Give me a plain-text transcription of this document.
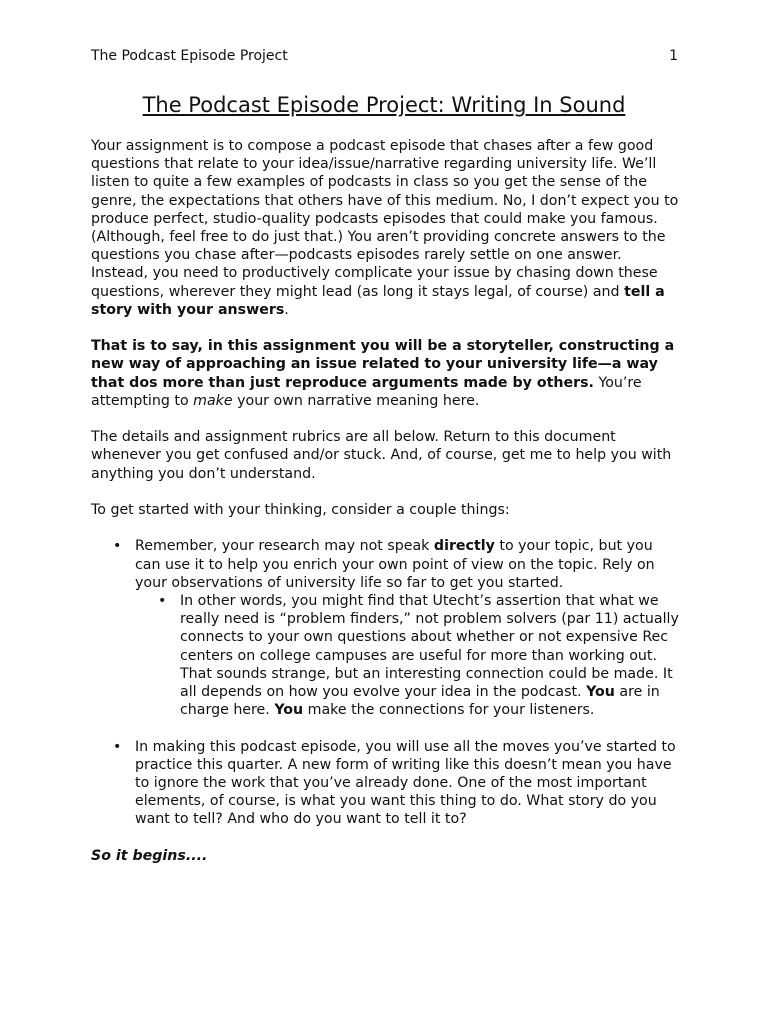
The Podcast Episode Project	1
The Podcast Episode Project: Writing In Sound

Your assignment is to compose a podcast episode that chases after a few good questions that relate to your idea/issue/narrative regarding university life. We’ll listen to quite a few examples of podcasts in class so you get the sense of the genre, the expectations that others have of this medium. No, I don’t expect you to produce perfect, studio-quality podcasts episodes that could make you famous. (Although, feel free to do just that.) You aren’t providing concrete answers to the questions you chase after—podcasts episodes rarely settle on one answer. Instead, you need to productively complicate your issue by chasing down these questions, wherever they might lead (as long it stays legal, of course) and tell a story with your answers.

That is to say, in this assignment you will be a storyteller, constructing a new way of approaching an issue related to your university life—a way that dos more than just reproduce arguments made by others. You’re attempting to make your own narrative meaning here.

The details and assignment rubrics are all below. Return to this document whenever you get confused and/or stuck. And, of course, get me to help you with anything you don’t understand.

To get started with your thinking, consider a couple things:

• Remember, your research may not speak directly to your topic, but you can use it to help you enrich your own point of view on the topic. Rely on your observations of university life so far to get you started.
• In other words, you might find that Utecht’s assertion that what we really need is “problem finders,” not problem solvers (par 11) actually connects to your own questions about whether or not expensive Rec centers on college campuses are useful for more than working out. That sounds strange, but an interesting connection could be made. It all depends on how you evolve your idea in the podcast. You are in charge here. You make the connections for your listeners.
• In making this podcast episode, you will use all the moves you’ve started to practice this quarter. A new form of writing like this doesn’t mean you have to ignore the work that you’ve already done. One of the most important elements, of course, is what you want this thing to do. What story do you want to tell? And who do you want to tell it to?

So it begins....
